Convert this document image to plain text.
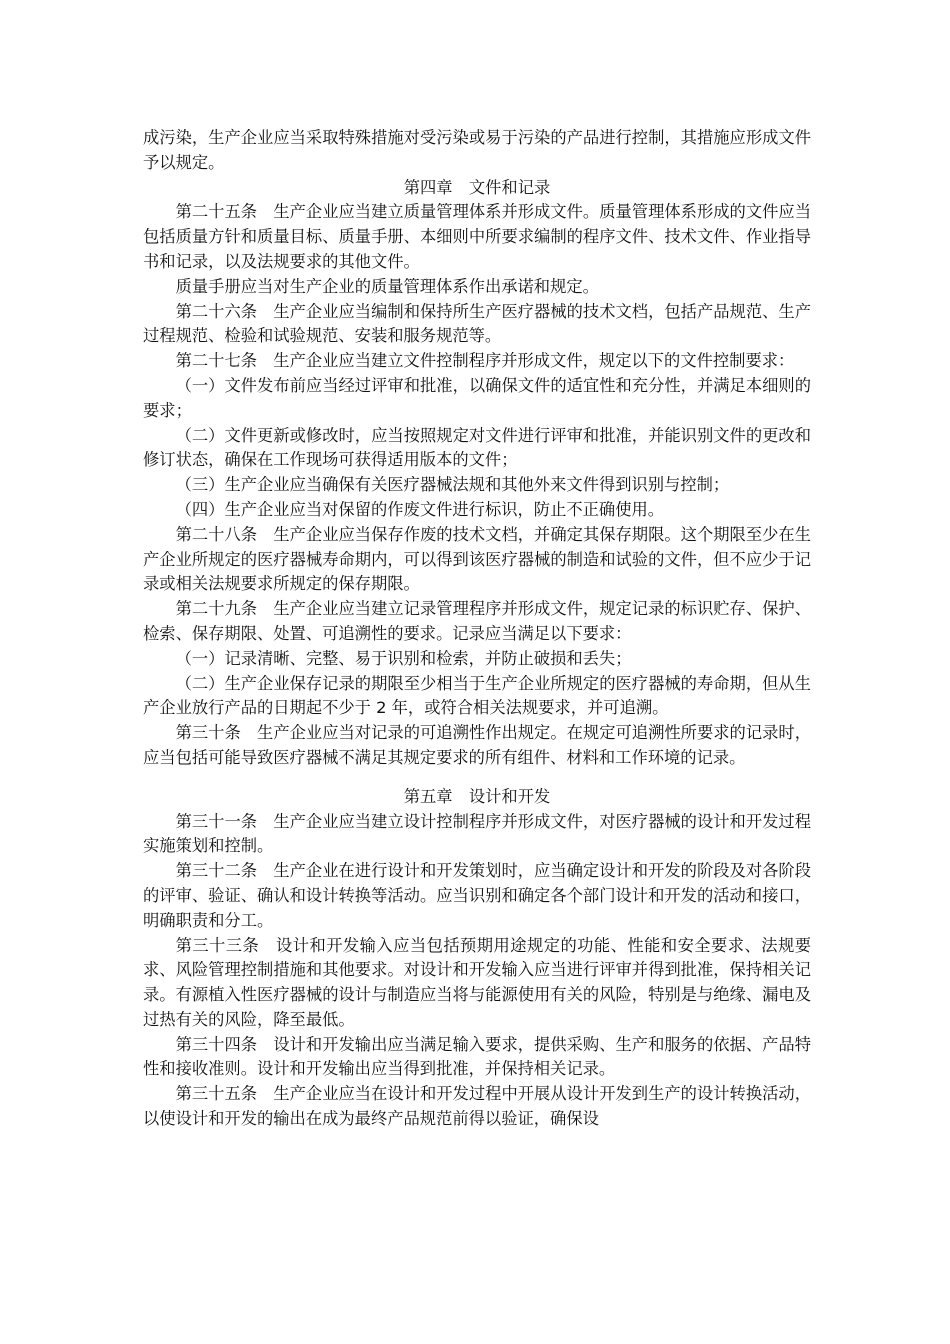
成污染，生产企业应当采取特殊措施对受污染或易于污染的产品进行控制，其措施应形成文件予以规定。

第四章　文件和记录

第二十五条　生产企业应当建立质量管理体系并形成文件。质量管理体系形成的文件应当包括质量方针和质量目标、质量手册、本细则中所要求编制的程序文件、技术文件、作业指导书和记录，以及法规要求的其他文件。

质量手册应当对生产企业的质量管理体系作出承诺和规定。

第二十六条　生产企业应当编制和保持所生产医疗器械的技术文档，包括产品规范、生产过程规范、检验和试验规范、安装和服务规范等。

第二十七条　生产企业应当建立文件控制程序并形成文件，规定以下的文件控制要求：

（一）文件发布前应当经过评审和批准，以确保文件的适宜性和充分性，并满足本细则的要求；

（二）文件更新或修改时，应当按照规定对文件进行评审和批准，并能识别文件的更改和修订状态，确保在工作现场可获得适用版本的文件；

（三）生产企业应当确保有关医疗器械法规和其他外来文件得到识别与控制；

（四）生产企业应当对保留的作废文件进行标识，防止不正确使用。

第二十八条　生产企业应当保存作废的技术文档，并确定其保存期限。这个期限至少在生产企业所规定的医疗器械寿命期内，可以得到该医疗器械的制造和试验的文件，但不应少于记录或相关法规要求所规定的保存期限。

第二十九条　生产企业应当建立记录管理程序并形成文件，规定记录的标识贮存、保护、检索、保存期限、处置、可追溯性的要求。记录应当满足以下要求：

（一）记录清晰、完整、易于识别和检索，并防止破损和丢失；

（二）生产企业保存记录的期限至少相当于生产企业所规定的医疗器械的寿命期，但从生产企业放行产品的日期起不少于 2 年，或符合相关法规要求，并可追溯。

第三十条　生产企业应当对记录的可追溯性作出规定。在规定可追溯性所要求的记录时，应当包括可能导致医疗器械不满足其规定要求的所有组件、材料和工作环境的记录。

第五章　设计和开发

第三十一条　生产企业应当建立设计控制程序并形成文件，对医疗器械的设计和开发过程实施策划和控制。

第三十二条　生产企业在进行设计和开发策划时，应当确定设计和开发的阶段及对各阶段的评审、验证、确认和设计转换等活动。应当识别和确定各个部门设计和开发的活动和接口，明确职责和分工。

第三十三条　设计和开发输入应当包括预期用途规定的功能、性能和安全要求、法规要求、风险管理控制措施和其他要求。对设计和开发输入应当进行评审并得到批准，保持相关记录。有源植入性医疗器械的设计与制造应当将与能源使用有关的风险，特别是与绝缘、漏电及过热有关的风险，降至最低。

第三十四条　设计和开发输出应当满足输入要求，提供采购、生产和服务的依据、产品特性和接收准则。设计和开发输出应当得到批准，并保持相关记录。

第三十五条　生产企业应当在设计和开发过程中开展从设计开发到生产的设计转换活动，以使设计和开发的输出在成为最终产品规范前得以验证，确保设
